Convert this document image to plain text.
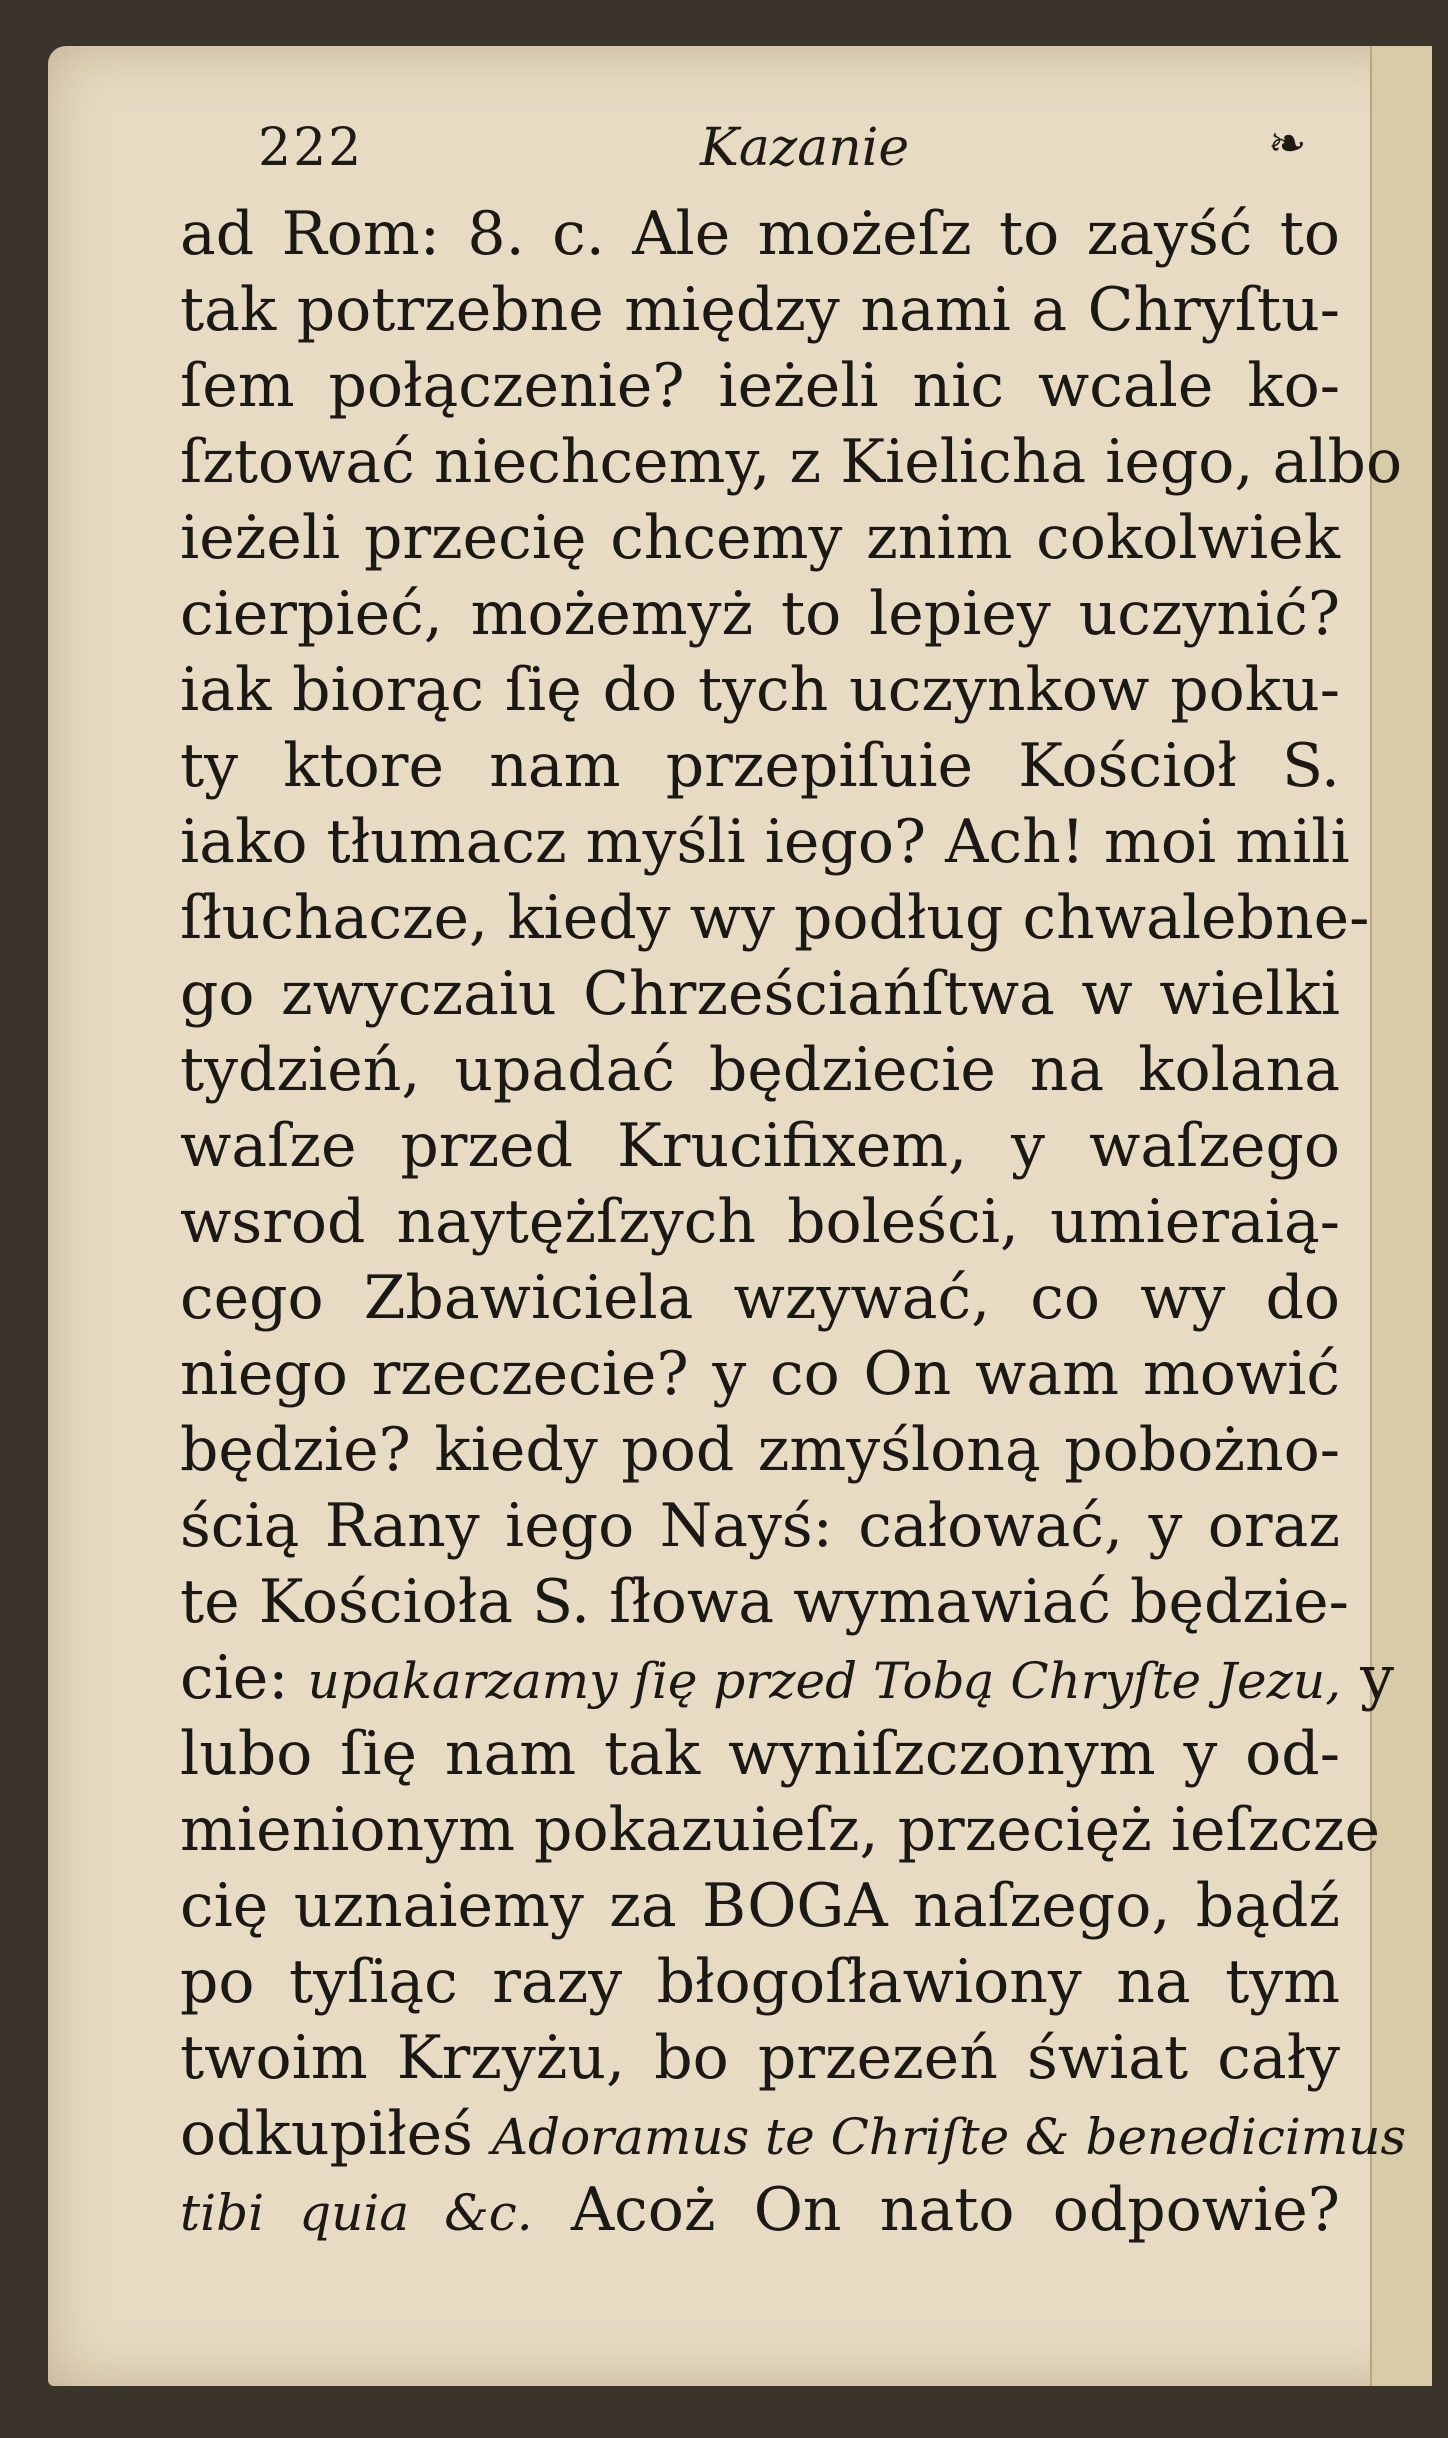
222	Kazanie	❧
ad Rom: 8. c. Ale możeſz to zayść to
tak potrzebne między nami a Chryſtu-
ſem połączenie? ieżeli nic wcale ko-
ſztować niechcemy, z Kielicha iego, albo
ieżeli przecię chcemy znim cokolwiek
cierpieć, możemyż to lepiey uczynić?
iak biorąc ſię do tych uczynkow poku-
ty ktore nam przepiſuie Kościoł S.
iako tłumacz myśli iego? Ach! moi mili
ſłuchacze, kiedy wy podług chwalebne-
go zwyczaiu Chrześciańſtwa w wielki
tydzień, upadać będziecie na kolana
waſze przed Krucifixem, y waſzego
wsrod naytężſzych boleści, umieraią-
cego Zbawiciela wzywać, co wy do
niego rzeczecie? y co On wam mowić
będzie? kiedy pod zmyśloną pobożno-
ścią Rany iego Nayś: całować, y oraz
te Kościoła S. ſłowa wymawiać będzie-
cie: upakarzamy ſię przed Tobą Chryſte Jezu, y
lubo ſię nam tak wyniſzczonym y od-
mienionym pokazuieſz, przecięż ieſzcze
cię uznaiemy za BOGA naſzego, bądź
po tyſiąc razy błogoſławiony na tym
twoim Krzyżu, bo przezeń świat cały
odkupiłeś Adoramus te Chriſte & benedicimus
tibi quia &c. Acoż On nato odpowie?
